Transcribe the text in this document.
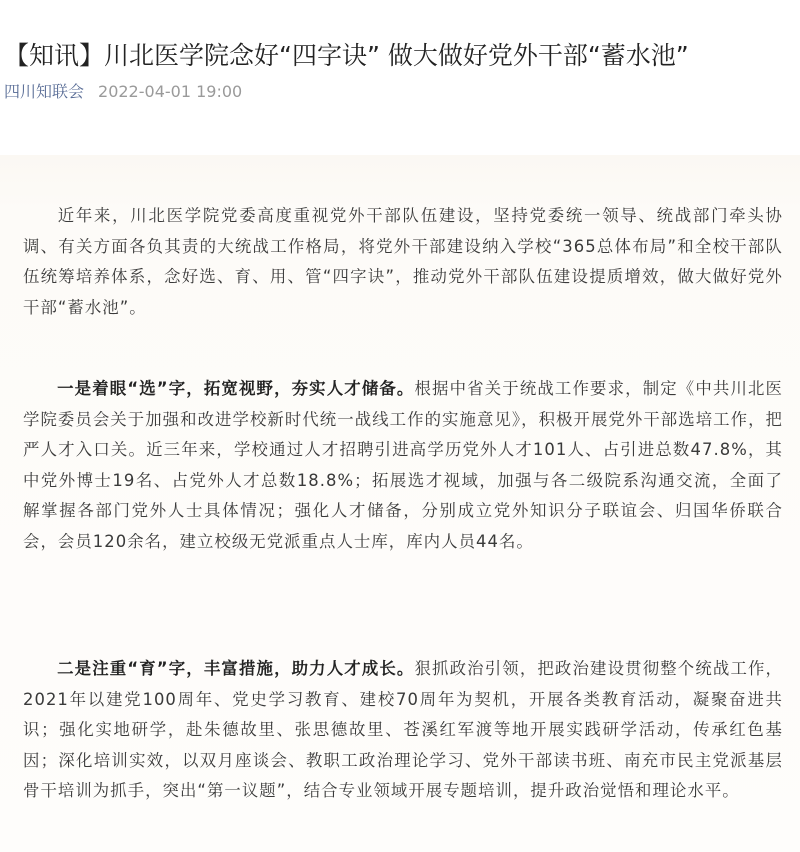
【知讯】川北医学院念好“四字诀” 做大做好党外干部“蓄水池”
四川知联会 2022-04-01 19:00

近年来，川北医学院党委高度重视党外干部队伍建设，坚持党委统一领导、统战部门牵头协调、有关方面各负其责的大统战工作格局，将党外干部建设纳入学校“365总体布局”和全校干部队伍统筹培养体系，念好选、育、用、管“四字诀”，推动党外干部队伍建设提质增效，做大做好党外干部“蓄水池”。

一是着眼“选”字，拓宽视野，夯实人才储备。根据中省关于统战工作要求，制定《中共川北医学院委员会关于加强和改进学校新时代统一战线工作的实施意见》，积极开展党外干部选培工作，把严人才入口关。近三年来，学校通过人才招聘引进高学历党外人才101人、占引进总数47.8%，其中党外博士19名、占党外人才总数18.8%；拓展选才视域，加强与各二级院系沟通交流，全面了解掌握各部门党外人士具体情况；强化人才储备，分别成立党外知识分子联谊会、归国华侨联合会，会员120余名，建立校级无党派重点人士库，库内人员44名。

二是注重“育”字，丰富措施，助力人才成长。狠抓政治引领，把政治建设贯彻整个统战工作，2021年以建党100周年、党史学习教育、建校70周年为契机，开展各类教育活动，凝聚奋进共识；强化实地研学，赴朱德故里、张思德故里、苍溪红军渡等地开展实践研学活动，传承红色基因；深化培训实效，以双月座谈会、教职工政治理论学习、党外干部读书班、南充市民主党派基层骨干培训为抓手，突出“第一议题”，结合专业领域开展专题培训，提升政治觉悟和理论水平。
